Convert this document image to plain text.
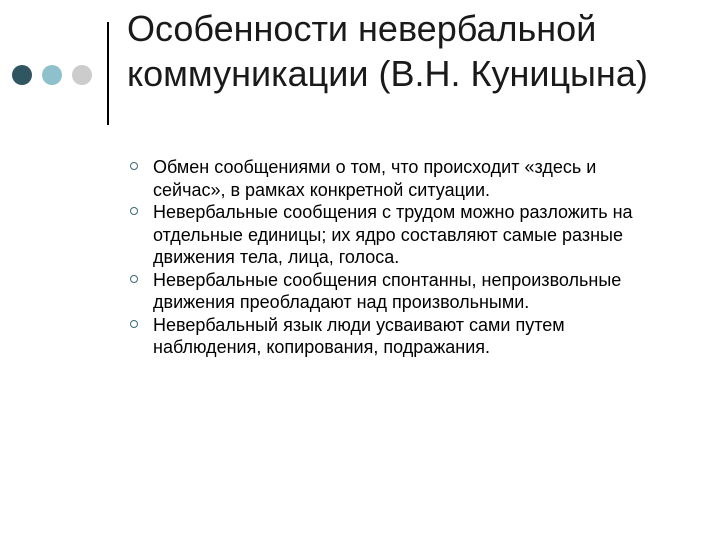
Особенности невербальной коммуникации (В.Н. Куницына)
Обмен сообщениями о том, что происходит «здесь и сейчас», в рамках конкретной ситуации.
Невербальные сообщения с трудом можно разложить на отдельные единицы; их ядро составляют самые разные движения тела, лица, голоса.
Невербальные сообщения спонтанны, непроизвольные движения преобладают над произвольными.
Невербальный язык люди усваивают сами путем наблюдения, копирования, подражания.
